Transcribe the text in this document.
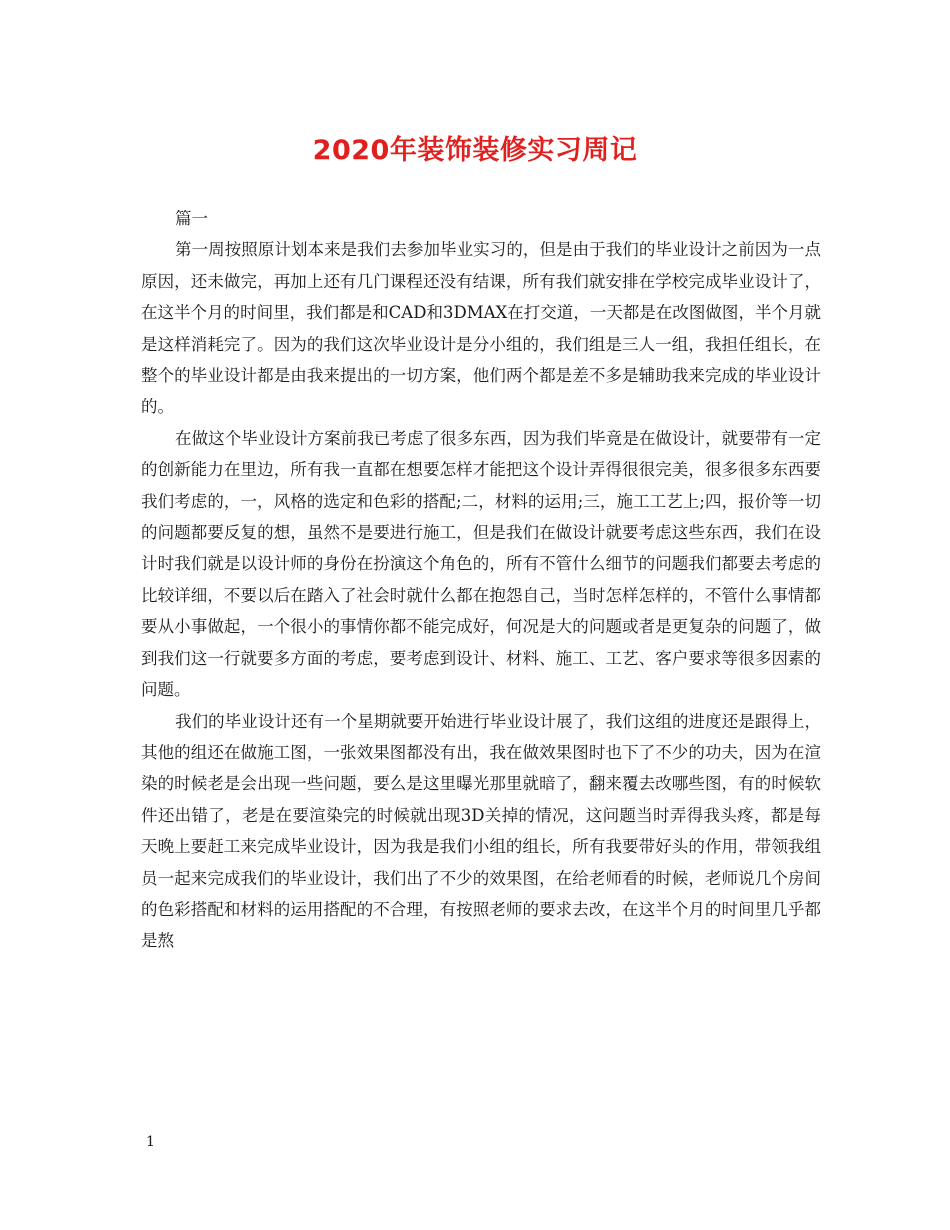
2020年装饰装修实习周记

篇一

第一周按照原计划本来是我们去参加毕业实习的，但是由于我们的毕业设计之前因为一点原因，还未做完，再加上还有几门课程还没有结课，所有我们就安排在学校完成毕业设计了，在这半个月的时间里，我们都是和CAD和3DMAX在打交道，一天都是在改图做图，半个月就是这样消耗完了。因为的我们这次毕业设计是分小组的，我们组是三人一组，我担任组长，在整个的毕业设计都是由我来提出的一切方案，他们两个都是差不多是辅助我来完成的毕业设计的。

在做这个毕业设计方案前我已考虑了很多东西，因为我们毕竟是在做设计，就要带有一定的创新能力在里边，所有我一直都在想要怎样才能把这个设计弄得很很完美，很多很多东西要我们考虑的，一，风格的选定和色彩的搭配;二，材料的运用;三，施工工艺上;四，报价等一切的问题都要反复的想，虽然不是要进行施工，但是我们在做设计就要考虑这些东西，我们在设计时我们就是以设计师的身份在扮演这个角色的，所有不管什么细节的问题我们都要去考虑的比较详细，不要以后在踏入了社会时就什么都在抱怨自己，当时怎样怎样的，不管什么事情都要从小事做起，一个很小的事情你都不能完成好，何况是大的问题或者是更复杂的问题了，做到我们这一行就要多方面的考虑，要考虑到设计、材料、施工、工艺、客户要求等很多因素的问题。

我们的毕业设计还有一个星期就要开始进行毕业设计展了，我们这组的进度还是跟得上，其他的组还在做施工图，一张效果图都没有出，我在做效果图时也下了不少的功夫，因为在渲染的时候老是会出现一些问题，要么是这里曝光那里就暗了，翻来覆去改哪些图，有的时候软件还出错了，老是在要渲染完的时候就出现3D关掉的情况，这问题当时弄得我头疼，都是每天晚上要赶工来完成毕业设计，因为我是我们小组的组长，所有我要带好头的作用，带领我组员一起来完成我们的毕业设计，我们出了不少的效果图，在给老师看的时候，老师说几个房间的色彩搭配和材料的运用搭配的不合理，有按照老师的要求去改，在这半个月的时间里几乎都是熬

1
